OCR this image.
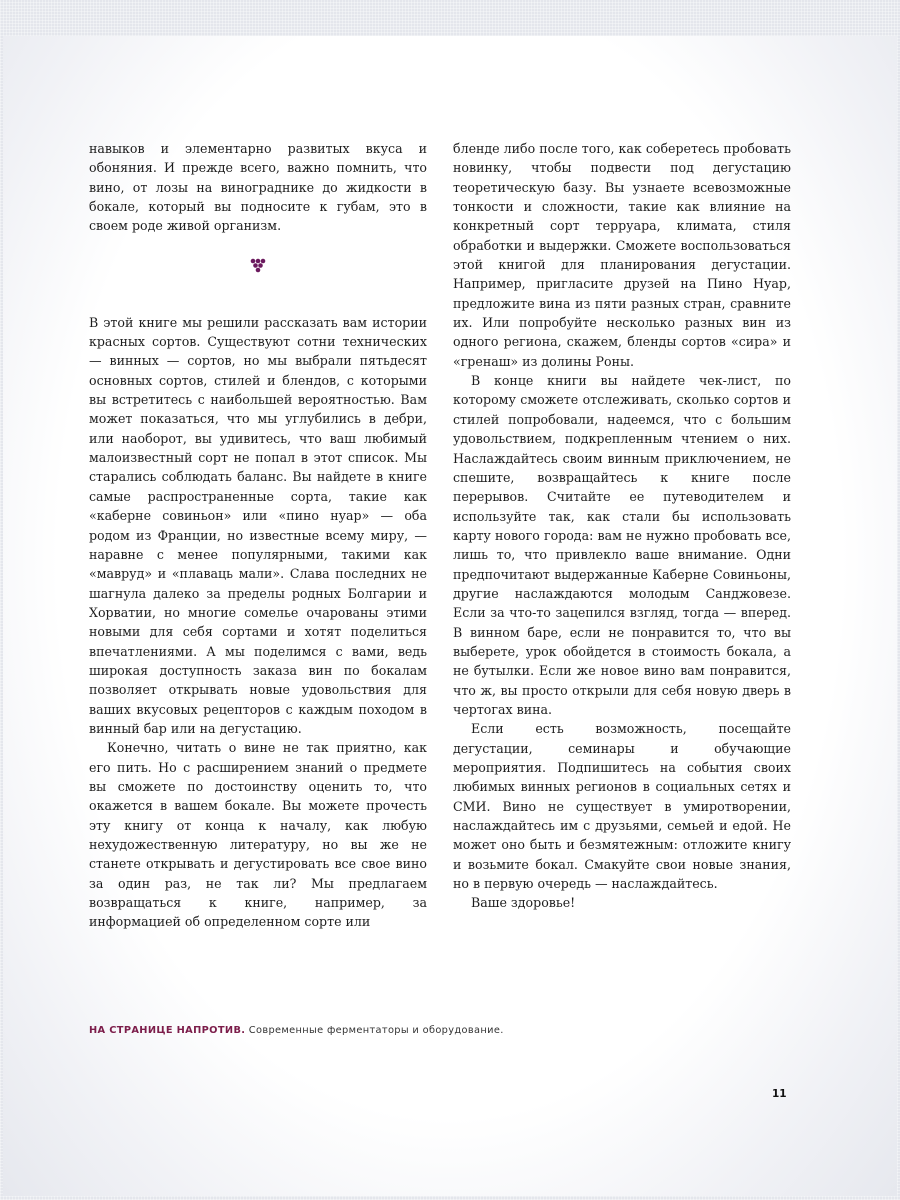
навыков и элементарно развитых вкуса и обоняния. И прежде всего, важно помнить, что вино, от лозы на винограднике до жидкости в бокале, который вы подносите к губам, это в своем роде живой организм.

В этой книге мы решили рассказать вам истории красных сортов. Существуют сотни технических — винных — сортов, но мы выбрали пятьдесят основных сортов, стилей и блендов, с которыми вы встретитесь с наибольшей вероятностью. Вам может показаться, что мы углубились в дебри, или наоборот, вы удивитесь, что ваш любимый малоизвестный сорт не попал в этот список. Мы старались соблюдать баланс. Вы найдете в книге самые распространенные сорта, такие как «каберне совиньон» или «пино нуар» — оба родом из Франции, но известные всему миру, — наравне с менее популярными, такими как «мавруд» и «плаваць мали». Слава последних не шагнула далеко за пределы родных Болгарии и Хорватии, но многие сомелье очарованы этими новыми для себя сортами и хотят поделиться впечатлениями. А мы поделимся с вами, ведь широкая доступность заказа вин по бокалам позволяет открывать новые удовольствия для ваших вкусовых рецепторов с каждым походом в винный бар или на дегустацию.

Конечно, читать о вине не так приятно, как его пить. Но с расширением знаний о предмете вы сможете по достоинству оценить то, что окажется в вашем бокале. Вы можете прочесть эту книгу от конца к началу, как любую нехудожественную литературу, но вы же не станете открывать и дегустировать все свое вино за один раз, не так ли? Мы предлагаем возвращаться к книге, например, за информацией об определенном сорте или

бленде либо после того, как соберетесь пробовать новинку, чтобы подвести под дегустацию теоретическую базу. Вы узнаете всевозможные тонкости и сложности, такие как влияние на конкретный сорт терруара, климата, стиля обработки и выдержки. Сможете воспользоваться этой книгой для планирования дегустации. Например, пригласите друзей на Пино Нуар, предложите вина из пяти разных стран, сравните их. Или попробуйте несколько разных вин из одного региона, скажем, бленды сортов «сира» и «гренаш» из долины Роны.

В конце книги вы найдете чек-лист, по которому сможете отслеживать, сколько сортов и стилей попробовали, надеемся, что с большим удовольствием, подкрепленным чтением о них. Наслаждайтесь своим винным приключением, не спешите, возвращайтесь к книге после перерывов. Считайте ее путеводителем и используйте так, как стали бы использовать карту нового города: вам не нужно пробовать все, лишь то, что привлекло ваше внимание. Одни предпочитают выдержанные Каберне Совиньоны, другие наслаждаются молодым Санджовезе. Если за что-то зацепился взгляд, тогда — вперед. В винном баре, если не понравится то, что вы выберете, урок обойдется в стоимость бокала, а не бутылки. Если же новое вино вам понравится, что ж, вы просто открыли для себя новую дверь в чертогах вина.

Если есть возможность, посещайте дегустации, семинары и обучающие мероприятия. Подпишитесь на события своих любимых винных регионов в социальных сетях и СМИ. Вино не существует в умиротворении, наслаждайтесь им с друзьями, семьей и едой. Не может оно быть и безмятежным: отложите книгу и возьмите бокал. Смакуйте свои новые знания, но в первую очередь — наслаждайтесь.

Ваше здоровье!

НА СТРАНИЦЕ НАПРОТИВ. Современные ферментаторы и оборудование.
11
